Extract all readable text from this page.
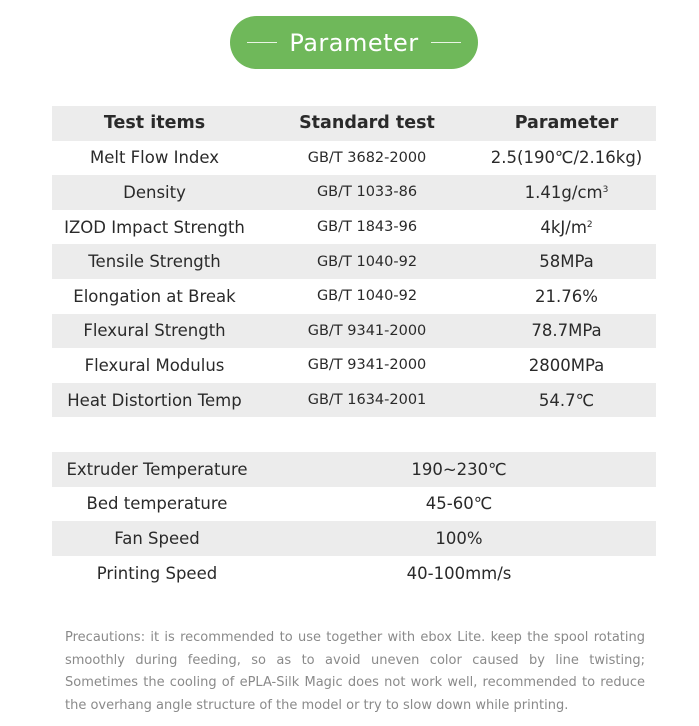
Parameter
Test items	Standard test	Parameter
Melt Flow Index	GB/T 3682-2000	2.5(190℃/2.16kg)
Density	GB/T 1033-86	$1.41g/cm^3$
IZOD Impact Strength	GB/T 1843-96	$4kJ/m^2$
Tensile Strength	GB/T 1040-92	58MPa
Elongation at Break	GB/T 1040-92	21.76%
Flexural Strength	GB/T 9341-2000	78.7MPa
Flexural Modulus	GB/T 9341-2000	2800MPa
Heat Distortion Temp	GB/T 1634-2001	54.7℃
Extruder Temperature	190~230℃
Bed temperature	45-60℃
Fan Speed	100%
Printing Speed	40-100mm/s
Precautions: it is recommended to use together with ebox Lite. keep the spool rotating smoothly during feeding, so as to avoid uneven color caused by line twisting; Sometimes the cooling of ePLA-Silk Magic does not work well, recommended to reduce the overhang angle structure of the model or try to slow down while printing.
